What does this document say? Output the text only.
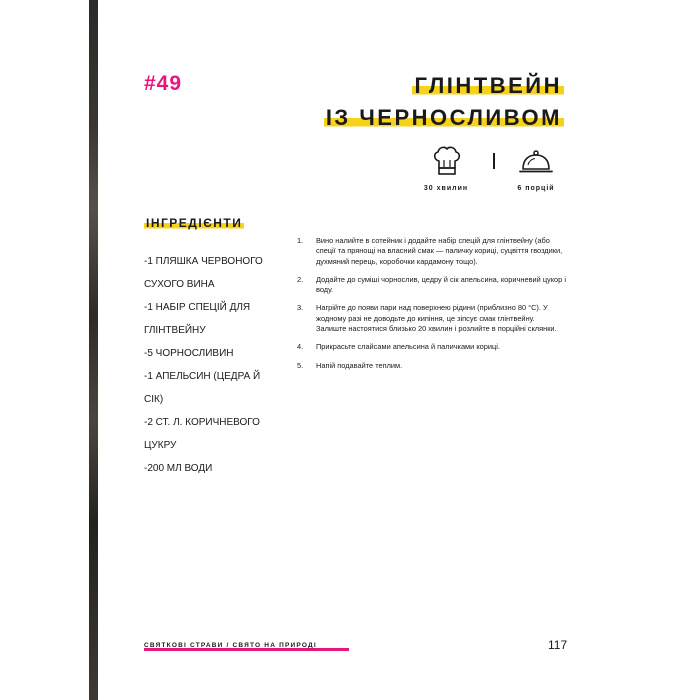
#49	ГЛІНТВЕЙН
ІЗ ЧЕРНОСЛИВОМ
30 хвилин	6 порцій
ІНГРЕДІЄНТИ
-1 ПЛЯШКА ЧЕРВОНОГО
СУХОГО ВИНА
-1 НАБІР СПЕЦІЙ ДЛЯ
ГЛІНТВЕЙНУ
-5 ЧОРНОСЛИВИН
-1 АПЕЛЬСИН (ЦЕДРА Й СІК)
-2 СТ. Л. КОРИЧНЕВОГО ЦУКРУ
-200 МЛ ВОДИ
1. Вино налийте в сотейник і додайте набір спецій для глінтвейну (або спеції та прянощі на власний смак — паличку кориці, суцвіття гвоздики, духмяний перець, коробочки кардамону тощо).
2. Додайте до суміші чорнослив, цедру й сік апельсина, коричневий цукор і воду.
3. Нагрійте до появи пари над поверхнею рідини (приблизно 80 °С). У жодному разі не доводьте до кипіння, це зіпсує смак глінтвейну. Залиште настоятися близько 20 хвилин і розлийте в порційні склянки.
4. Прикрасьте слайсами апельсина й паличками кориці.
5. Напій подавайте теплим.
СВЯТКОВІ СТРАВИ / СВЯТО НА ПРИРОДІ	117
